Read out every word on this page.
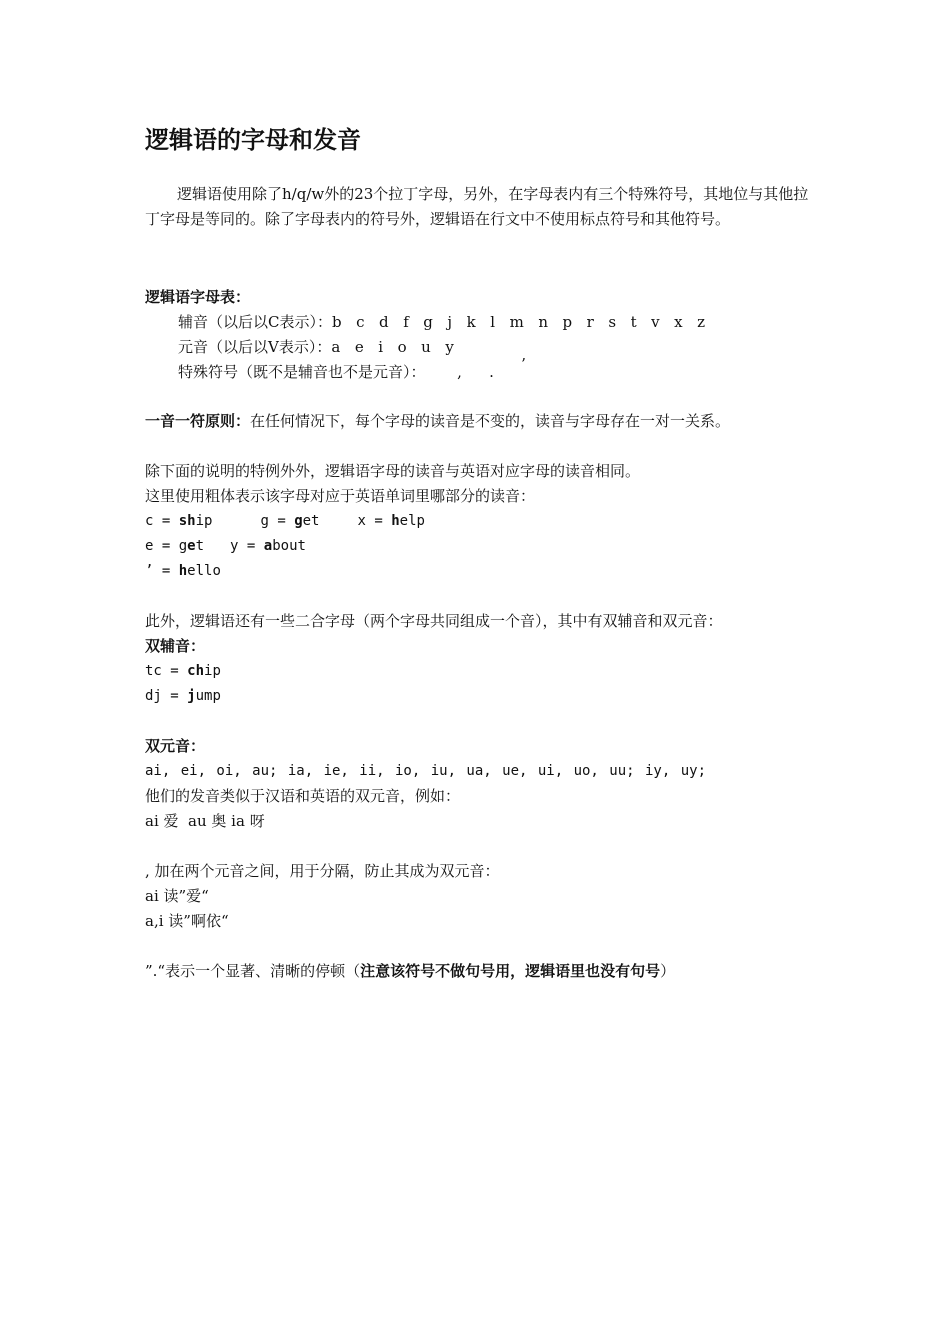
逻辑语的字母和发音

逻辑语使用除了h/q/w外的23个拉丁字母，另外，在字母表内有三个特殊符号，其地位与其他拉丁字母是等同的。除了字母表内的符号外，逻辑语在行文中不使用标点符号和其他符号。

逻辑语字母表：

辅音（以后以C表示）：b  c  d  f  g  j  k  l  m  n  p  r  s  t  v  x  z

元音（以后以V表示）：a  e  i  o  u  y

特殊符号（既不是辅音也不是元音）： , . ’

一音一符原则：在任何情况下，每个字母的读音是不变的，读音与字母存在一对一关系。

除下面的说明的特例外外，逻辑语字母的读音与英语对应字母的读音相同。

这里使用粗体表示该字母对应于英语单词里哪部分的读音：

c = ship	g = get	x = help

e = get y = about

’ = hello

此外，逻辑语还有一些二合字母（两个字母共同组成一个音），其中有双辅音和双元音：

双辅音：

tc = chip

dj = jump

双元音：

ai, ei, oi, au; ia, ie, ii, io, iu, ua, ue, ui, uo, uu; iy, uy;

他们的发音类似于汉语和英语的双元音，例如：

ai 爱  au 奥 ia 呀

, 加在两个元音之间，用于分隔，防止其成为双元音：

ai 读”爱“

a,i 读”啊依“

”.“表示一个显著、清晰的停顿（注意该符号不做句号用，逻辑语里也没有句号）
